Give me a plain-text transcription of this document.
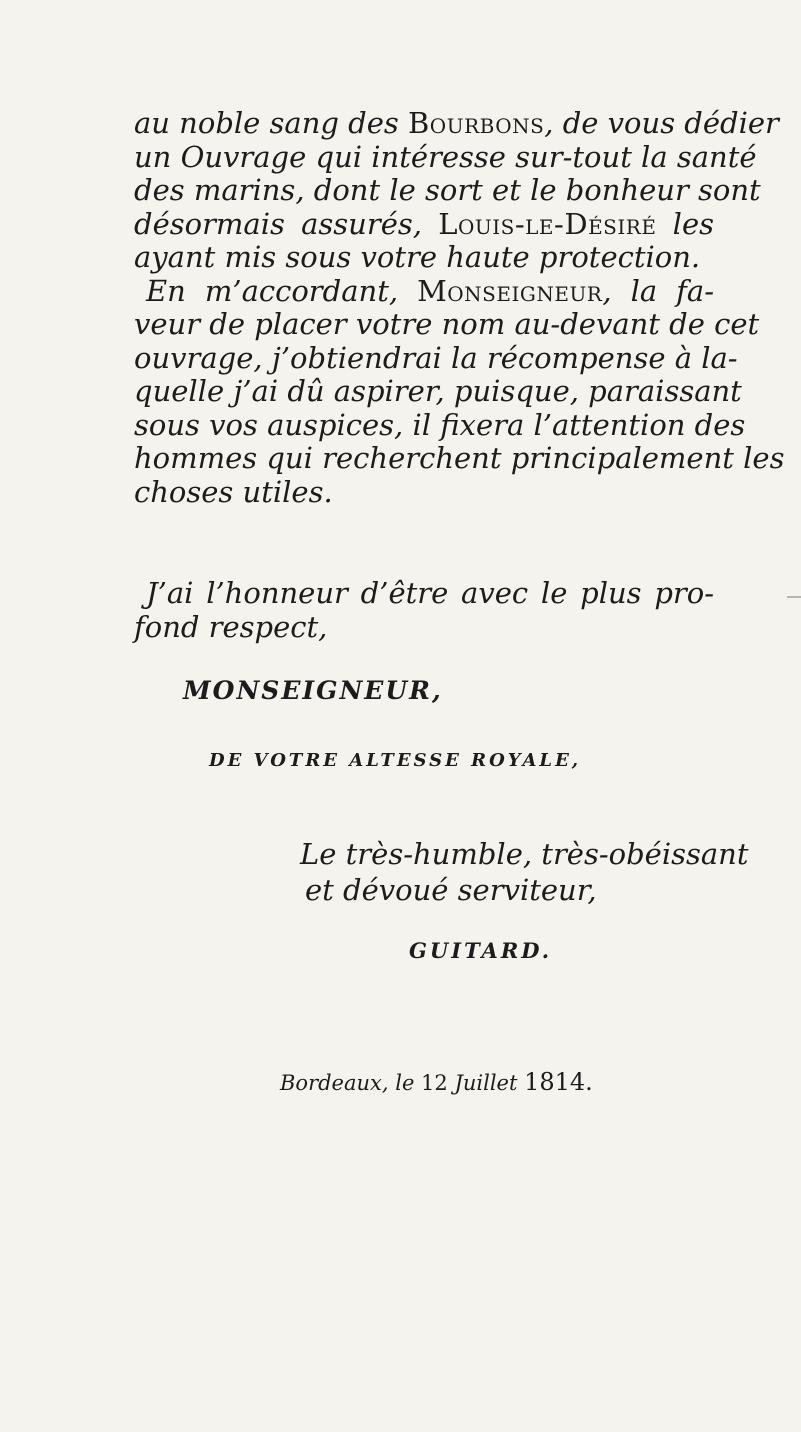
au noble sang des Bourbons, de vous dédier
un Ouvrage qui intéresse sur-tout la santé
des marins, dont le sort et le bonheur sont
désormais assurés, Louis-le-Désiré les
ayant mis sous votre haute protection.
En m’accordant, Monseigneur, la fa-
veur de placer votre nom au-devant de cet
ouvrage, j’obtiendrai la récompense à la-
quelle j’ai dû aspirer, puisque, paraissant
sous vos auspices, il fixera l’attention des
hommes qui recherchent principalement les
choses utiles.
J’ai l’honneur d’être avec le plus pro-
fond respect,
MONSEIGNEUR,
DE VOTRE ALTESSE ROYALE,
Le très-humble, très-obéissant
et dévoué serviteur,
GUITARD.
Bordeaux, le 12 Juillet 1814.
